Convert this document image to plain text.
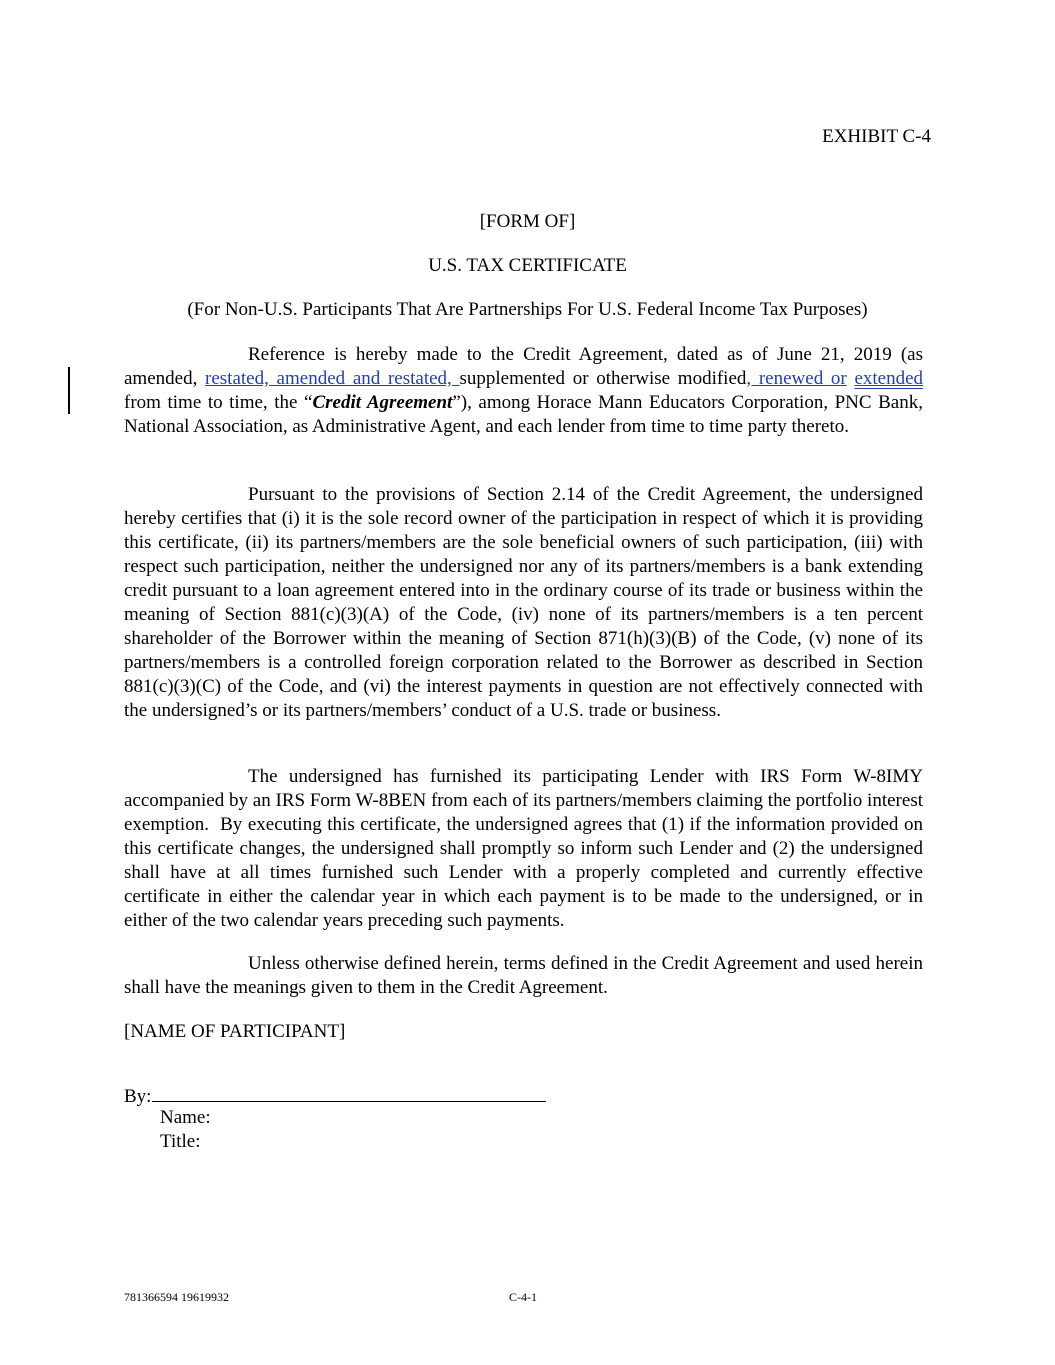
EXHIBIT C-4

[FORM OF]

U.S. TAX CERTIFICATE

(For Non-U.S. Participants That Are Partnerships For U.S. Federal Income Tax Purposes)

Reference is hereby made to the Credit Agreement, dated as of June 21, 2019 (as amended, restated, amended and restated, supplemented or otherwise modified, renewed or extended from time to time, the “Credit Agreement”), among Horace Mann Educators Corporation, PNC Bank, National Association, as Administrative Agent, and each lender from time to time party thereto.

Pursuant to the provisions of Section 2.14 of the Credit Agreement, the undersigned hereby certifies that (i) it is the sole record owner of the participation in respect of which it is providing this certificate, (ii) its partners/members are the sole beneficial owners of such participation, (iii) with respect such participation, neither the undersigned nor any of its partners/members is a bank extending credit pursuant to a loan agreement entered into in the ordinary course of its trade or business within the meaning of Section 881(c)(3)(A) of the Code, (iv) none of its partners/members is a ten percent shareholder of the Borrower within the meaning of Section 871(h)(3)(B) of the Code, (v) none of its partners/members is a controlled foreign corporation related to the Borrower as described in Section 881(c)(3)(C) of the Code, and (vi) the interest payments in question are not effectively connected with the undersigned’s or its partners/members’ conduct of a U.S. trade or business.

The undersigned has furnished its participating Lender with IRS Form W-8IMY accompanied by an IRS Form W-8BEN from each of its partners/members claiming the portfolio interest exemption.  By executing this certificate, the undersigned agrees that (1) if the information provided on this certificate changes, the undersigned shall promptly so inform such Lender and (2) the undersigned shall have at all times furnished such Lender with a properly completed and currently effective certificate in either the calendar year in which each payment is to be made to the undersigned, or in either of the two calendar years preceding such payments.

Unless otherwise defined herein, terms defined in the Credit Agreement and used herein shall have the meanings given to them in the Credit Agreement.

[NAME OF PARTICIPANT]

By:

Name:

Title:

781366594 19619932	C-4-1
